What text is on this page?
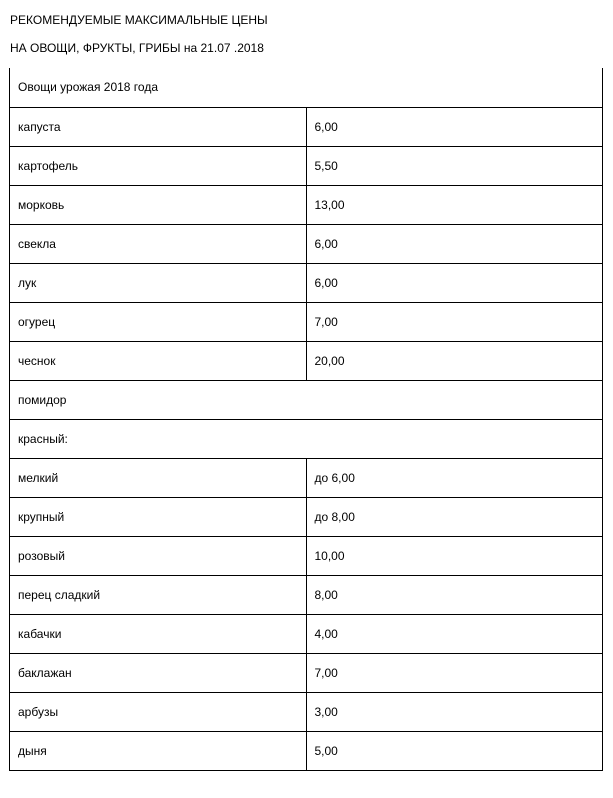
РЕКОМЕНДУЕМЫЕ МАКСИМАЛЬНЫЕ ЦЕНЫ

НА ОВОЩИ, ФРУКТЫ, ГРИБЫ на 21.07 .2018

Овощи урожая 2018 года	
капуста	6,00
картофель	5,50
морковь	13,00
свекла	6,00
лук	6,00
огурец	7,00
чеснок	20,00
помидор	
красный:	
мелкий	до 6,00
крупный	до 8,00
розовый	10,00
перец сладкий	8,00
кабачки	4,00
баклажан	7,00
арбузы	3,00
дыня	5,00
